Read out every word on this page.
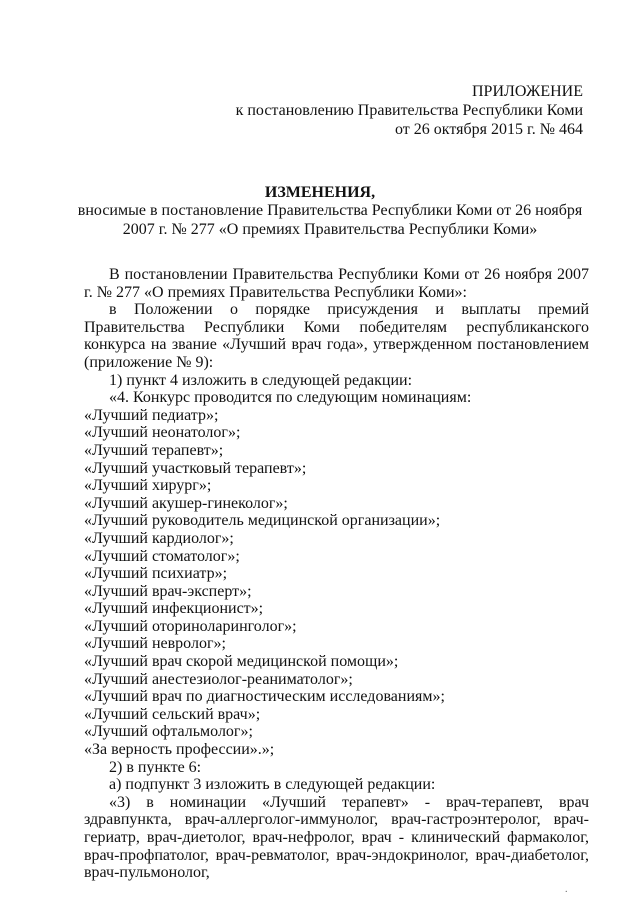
ПРИЛОЖЕНИЕ
к постановлению Правительства Республики Коми
от 26 октября 2015 г. № 464
ИЗМЕНЕНИЯ,
вносимые в постановление Правительства Республики Коми от 26 ноября 2007 г. № 277 «О премиях Правительства Республики Коми»

В постановлении Правительства Республики Коми от 26 ноября 2007 г. № 277 «О премиях Правительства Республики Коми»:

в Положении о порядке присуждения и выплаты премий Правительства Республики Коми победителям республиканского конкурса на звание «Лучший врач года», утвержденном постановлением (приложение № 9):

1) пункт 4 изложить в следующей редакции:

«4. Конкурс проводится по следующим номинациям:

«Лучший педиатр»;

«Лучший неонатолог»;

«Лучший терапевт»;

«Лучший участковый терапевт»;

«Лучший хирург»;

«Лучший акушер-гинеколог»;

«Лучший руководитель медицинской организации»;

«Лучший кардиолог»;

«Лучший стоматолог»;

«Лучший психиатр»;

«Лучший врач-эксперт»;

«Лучший инфекционист»;

«Лучший оториноларинголог»;

«Лучший невролог»;

«Лучший врач скорой медицинской помощи»;

«Лучший анестезиолог-реаниматолог»;

«Лучший врач по диагностическим исследованиям»;

«Лучший сельский врач»;

«Лучший офтальмолог»;

«За верность профессии».»;

2) в пункте 6:

а) подпункт 3 изложить в следующей редакции:

«3) в номинации «Лучший терапевт» - врач-терапевт, врач здравпункта, врач-аллерголог-иммунолог, врач-гастроэнтеролог, врач-гериатр, врач-диетолог, врач-нефролог, врач - клинический фармаколог, врач-профпатолог, врач-ревматолог, врач-эндокринолог, врач-диабетолог, врач-пульмонолог,

.
